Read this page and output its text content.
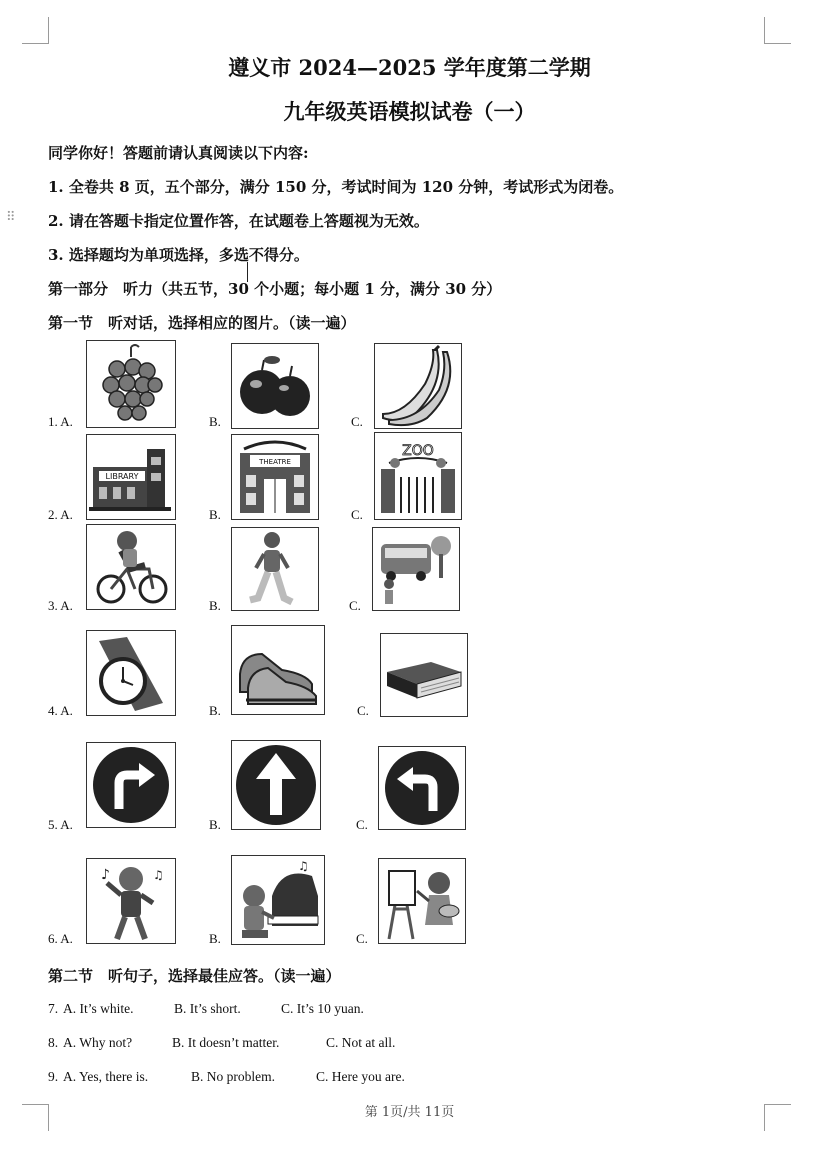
⠿
遵义市 2024—2025 学年度第二学期
九年级英语模拟试卷（一）
同学你好！答题前请认真阅读以下内容:
1. 全卷共 8 页，五个部分，满分 150 分，考试时间为 120 分钟，考试形式为闭卷。
2. 请在答题卡指定位置作答，在试题卷上答题视为无效。
3. 选择题均为单项选择，多选不得分。
第一部分　听力（共五节，30 个小题；每小题 1 分，满分 30 分）
第一节　听对话，选择相应的图片。（读一遍）
1. A.	B.	C.
2. A.
LIBRARY
B.
THEATRE
C.
ZOO
3. A.	B.	C.
4. A.	B.	C.
5. A.	B.	C.
6. A.
♪	♫
B.
♫
C.
第二节　听句子，选择最佳应答。（读一遍）
7. A. It’s white.	B. It’s short.	C. It’s 10 yuan.
8. A. Why not?	B. It doesn’t matter.	C. Not at all.
9. A. Yes, there is.	B. No problem.	C. Here you are.
第 1页/共 11页
